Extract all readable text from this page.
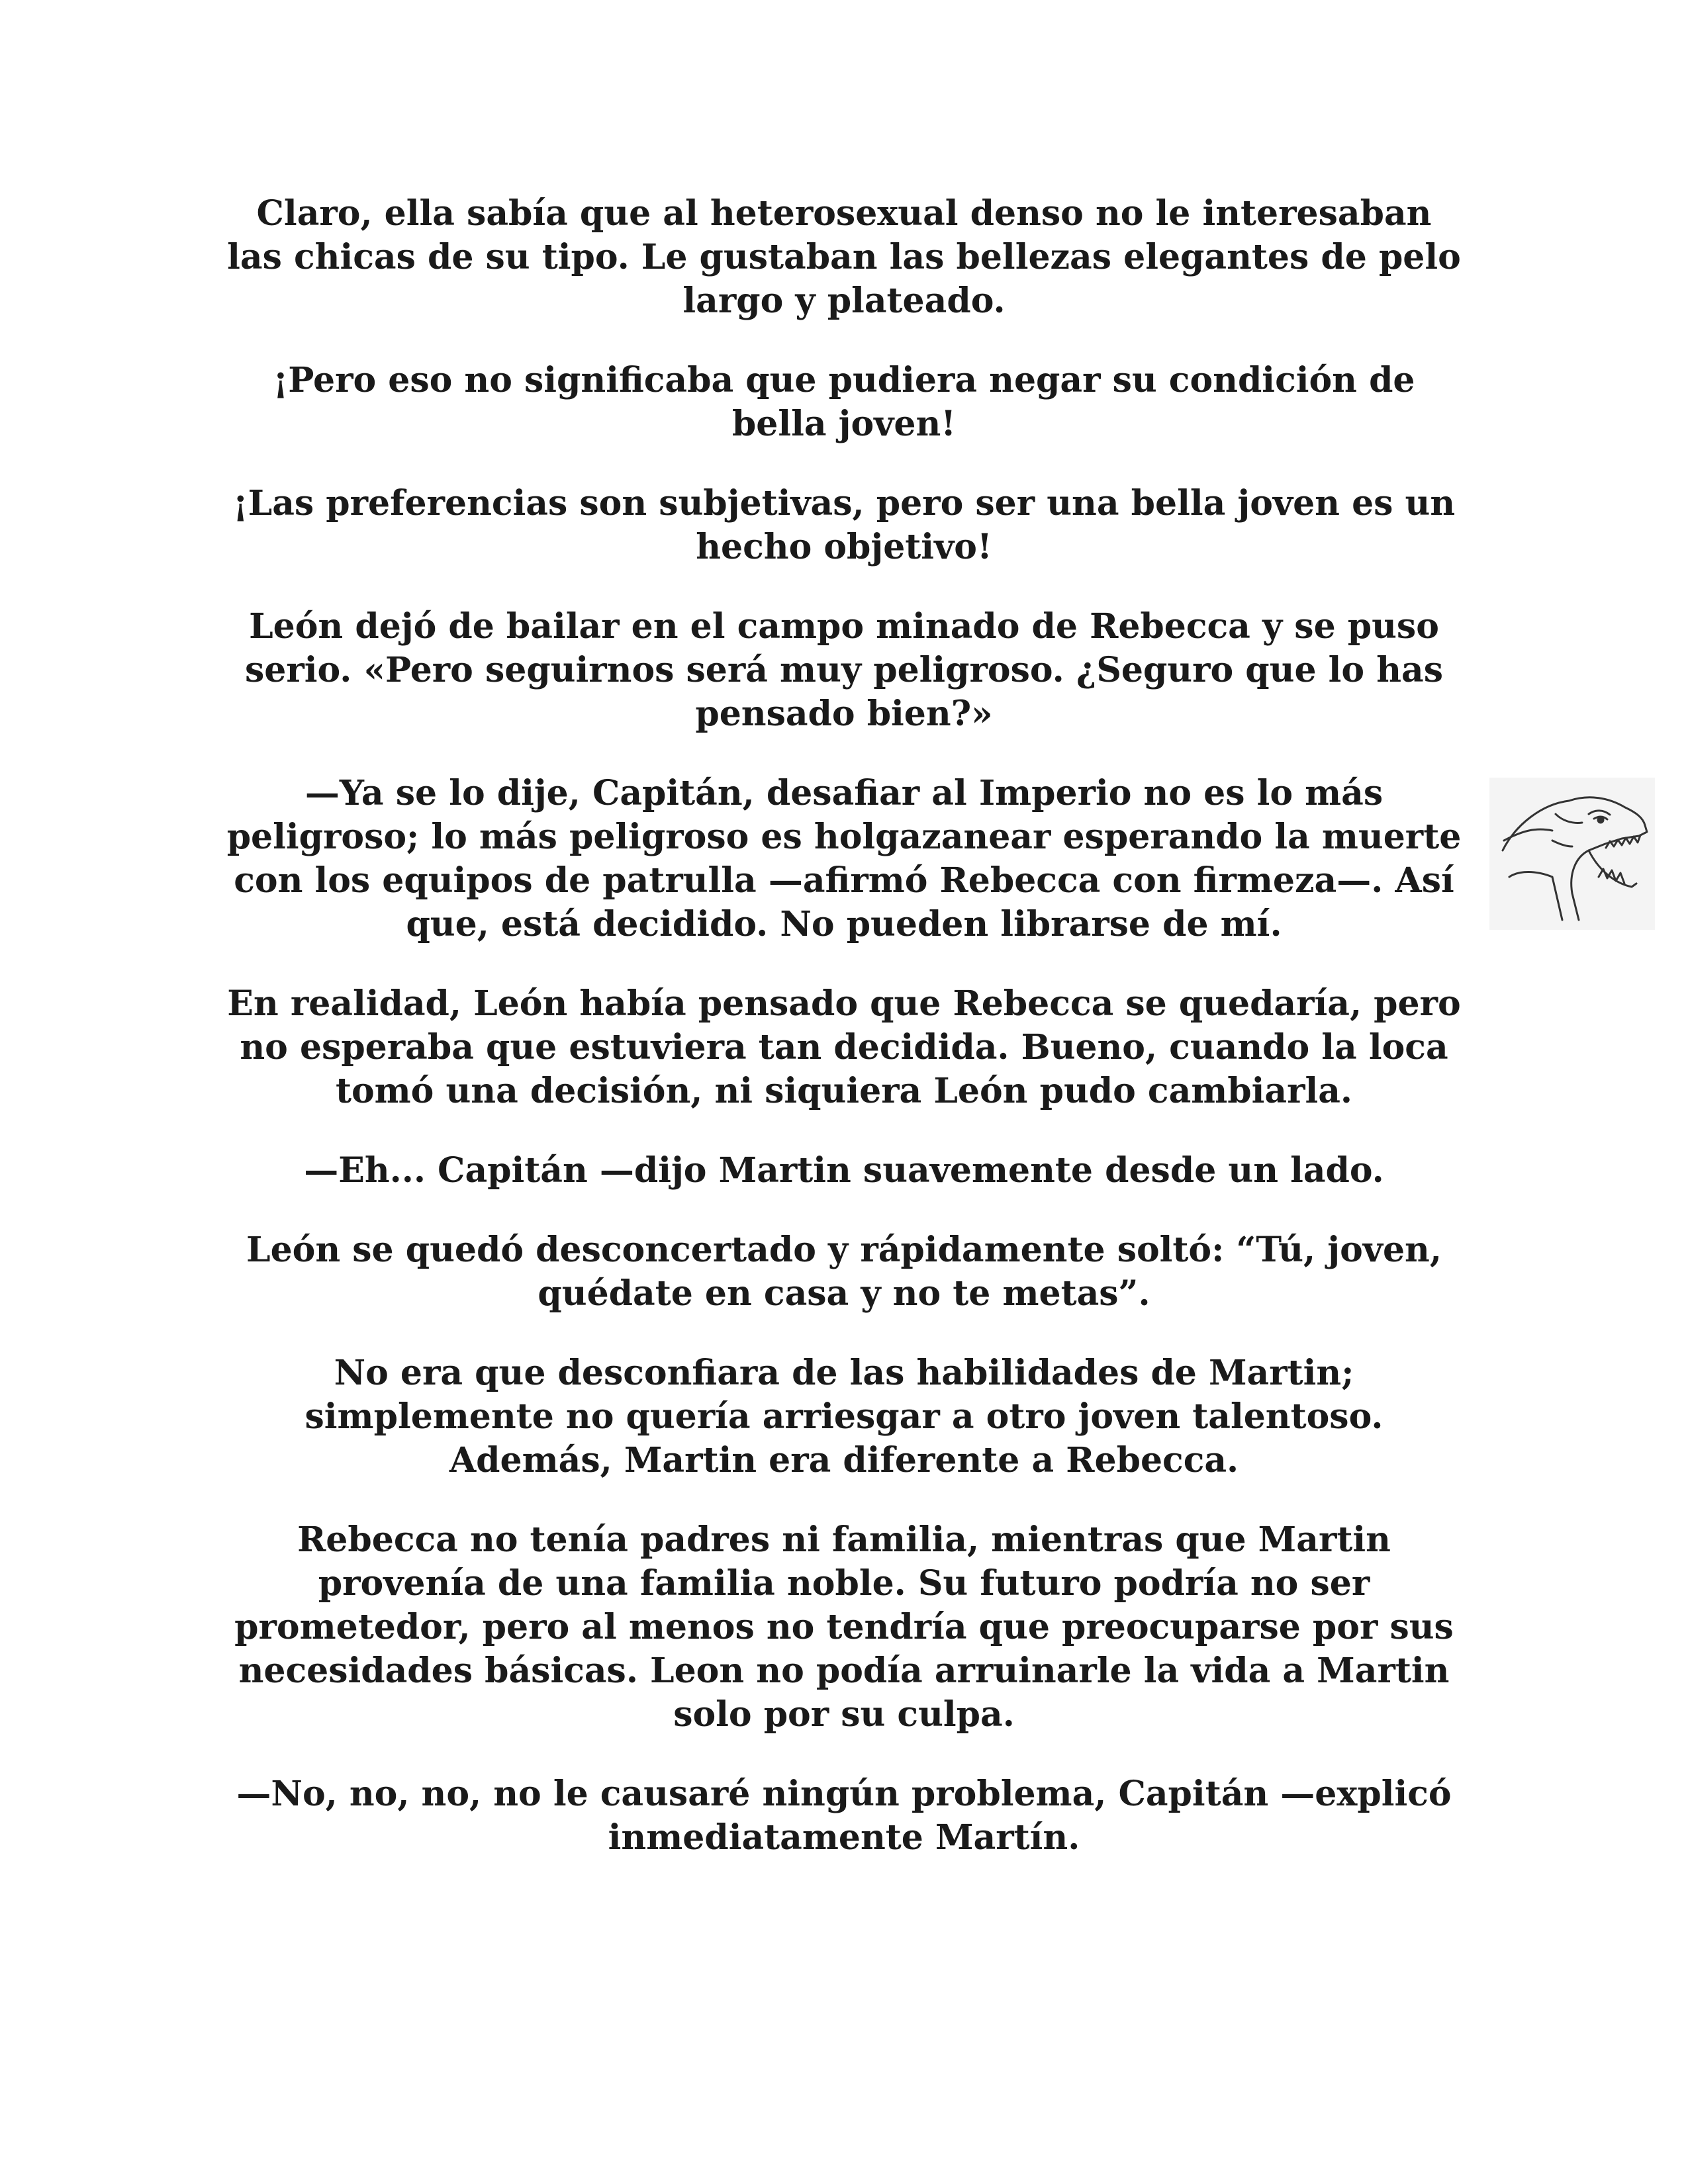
Claro, ella sabía que al heterosexual denso no le interesaban las chicas de su tipo. Le gustaban las bellezas elegantes de pelo largo y plateado.

¡Pero eso no significaba que pudiera negar su condición de bella joven!

¡Las preferencias son subjetivas, pero ser una bella joven es un hecho objetivo!

León dejó de bailar en el campo minado de Rebecca y se puso serio. «Pero seguirnos será muy peligroso. ¿Seguro que lo has pensado bien?»

—Ya se lo dije, Capitán, desafiar al Imperio no es lo más peligroso; lo más peligroso es holgazanear esperando la muerte con los equipos de patrulla —afirmó Rebecca con firmeza—. Así que, está decidido. No pueden librarse de mí.

En realidad, León había pensado que Rebecca se quedaría, pero no esperaba que estuviera tan decidida. Bueno, cuando la loca tomó una decisión, ni siquiera León pudo cambiarla.

—Eh... Capitán —dijo Martin suavemente desde un lado.

León se quedó desconcertado y rápidamente soltó: “Tú, joven, quédate en casa y no te metas”.

No era que desconfiara de las habilidades de Martin; simplemente no quería arriesgar a otro joven talentoso. Además, Martin era diferente a Rebecca.

Rebecca no tenía padres ni familia, mientras que Martin provenía de una familia noble. Su futuro podría no ser prometedor, pero al menos no tendría que preocuparse por sus necesidades básicas. Leon no podía arruinarle la vida a Martin solo por su culpa.

—No, no, no, no le causaré ningún problema, Capitán —explicó inmediatamente Martín.
